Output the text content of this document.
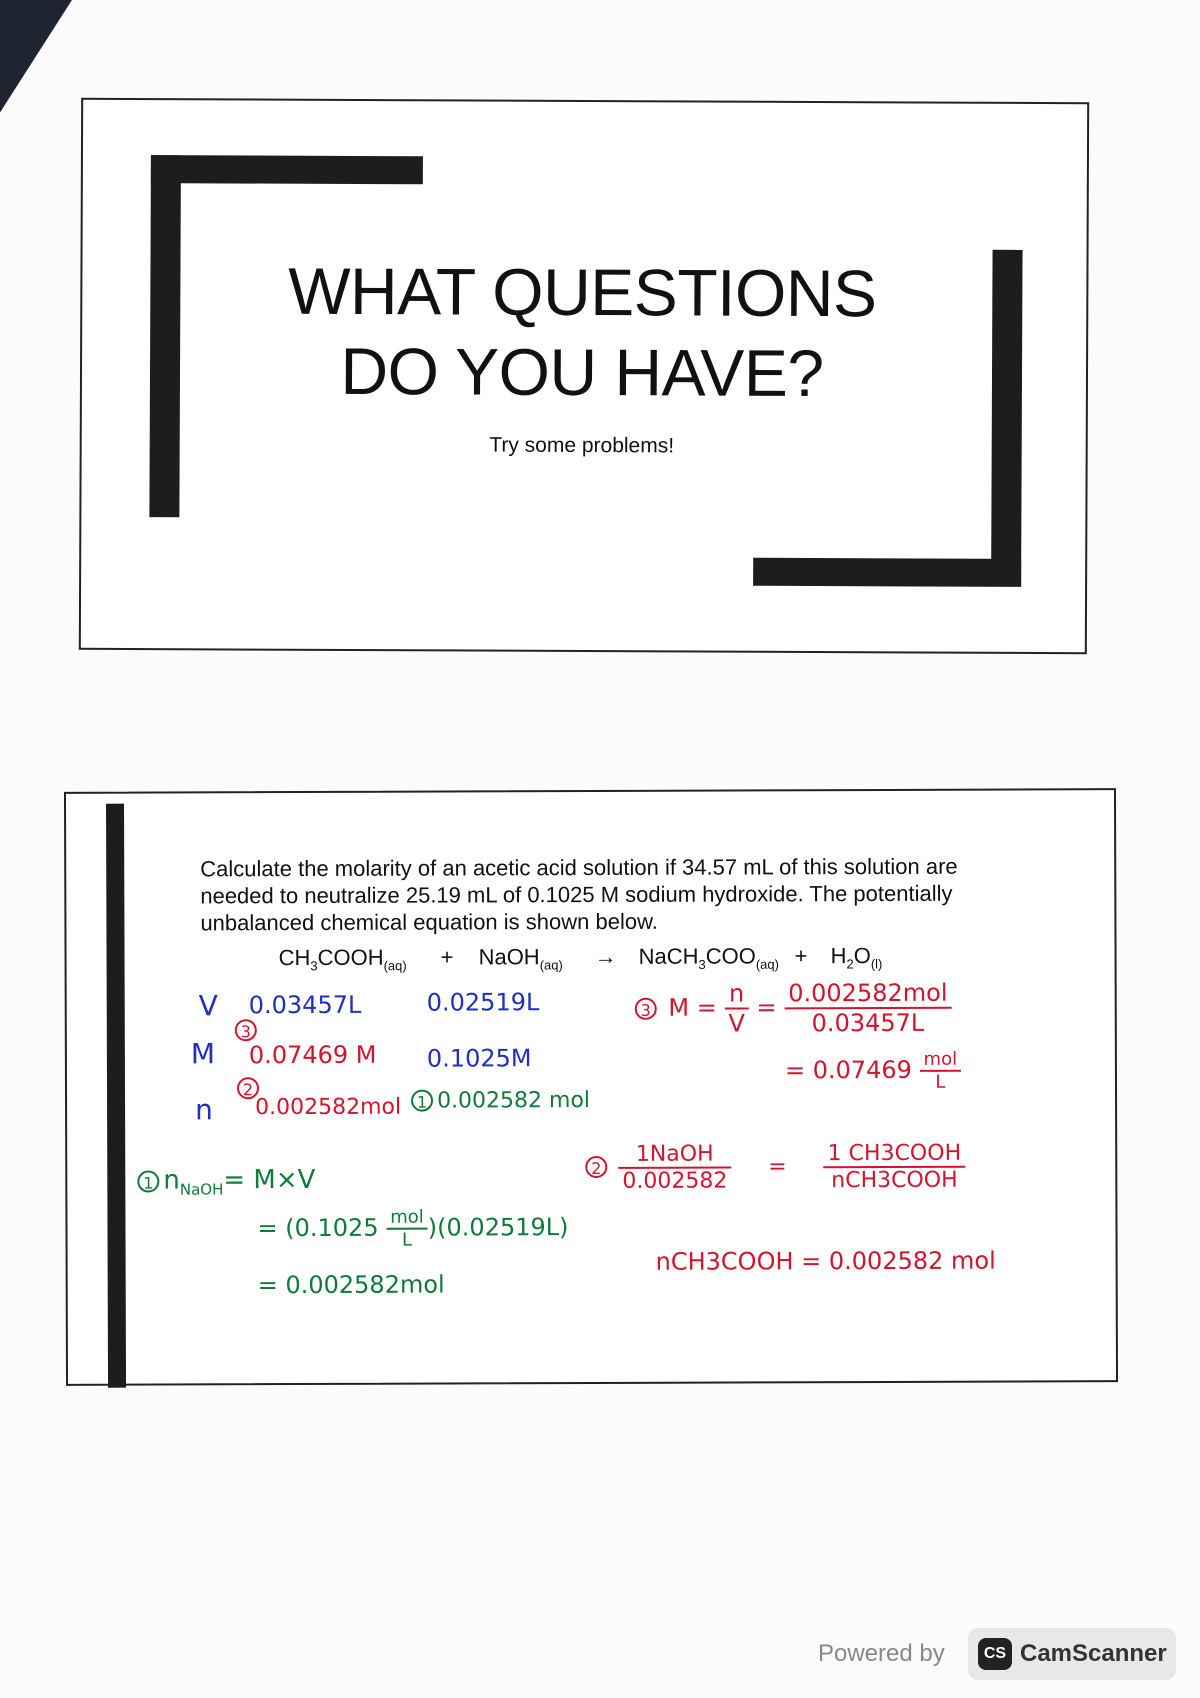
WHAT QUESTIONS
DO YOU HAVE?
Try some problems!
Calculate the molarity of an acetic acid solution if 34.57 mL of this solution are needed to neutralize 25.19 mL of 0.1025 M sodium hydroxide. The potentially unbalanced chemical equation is shown below.
$CH_3COOH_{(aq)}$ + NaOH$_{(aq)}$ → $NaCH_3COO_{(aq)} + H_2O_{(l)}$
V 0.03457L	0.02519L
3
M 0.07469 M 0.1025M
2
n 0.002582mol 1 0.002582 mol
3 $M = \frac{n}{V} = \frac{\text{0.002582mol}}{0.03457L}$
= $0.07469 \frac{\text{mol}}{L}$
1 $n_{NaOH}= M\times V$
= $(0.1025 \frac{\text{mol}}{L} )(0.02519L)$
= 0.002582mol
$2 \frac{\text{1NaOH}}{0.002582} = \frac{\text{1 CH3COOH}}{\text{nCH3COOH}}$
nCH3COOH = 0.002582 mol
Powered by	CS CamScanner
